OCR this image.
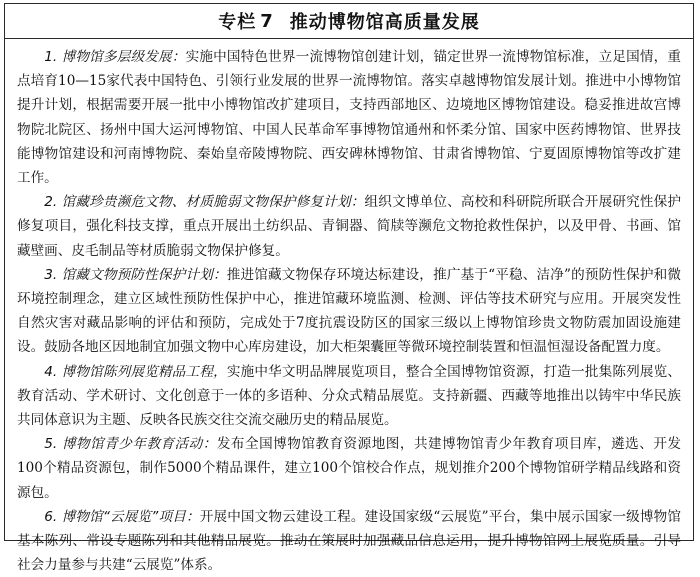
专栏 7 推动博物馆高质量发展

1. 博物馆多层级发展：实施中国特色世界一流博物馆创建计划，锚定世界一流博物馆标准，立足国情，重点培育10—15家代表中国特色、引领行业发展的世界一流博物馆。落实卓越博物馆发展计划。推进中小博物馆提升计划，根据需要开展一批中小博物馆改扩建项目，支持西部地区、边境地区博物馆建设。稳妥推进故宫博物院北院区、扬州中国大运河博物馆、中国人民革命军事博物馆通州和怀柔分馆、国家中医药博物馆、世界技能博物馆建设和河南博物院、秦始皇帝陵博物院、西安碑林博物馆、甘肃省博物馆、宁夏固原博物馆等改扩建工作。

2. 馆藏珍贵濒危文物、材质脆弱文物保护修复计划：组织文博单位、高校和科研院所联合开展研究性保护修复项目，强化科技支撑，重点开展出土纺织品、青铜器、简牍等濒危文物抢救性保护，以及甲骨、书画、馆藏壁画、皮毛制品等材质脆弱文物保护修复。

3. 馆藏文物预防性保护计划：推进馆藏文物保存环境达标建设，推广基于“平稳、洁净”的预防性保护和微环境控制理念，建立区域性预防性保护中心，推进馆藏环境监测、检测、评估等技术研究与应用。开展突发性自然灾害对藏品影响的评估和预防，完成处于7度抗震设防区的国家三级以上博物馆珍贵文物防震加固设施建设。鼓励各地区因地制宜加强文物中心库房建设，加大柜架囊匣等微环境控制装置和恒温恒湿设备配置力度。

4. 博物馆陈列展览精品工程，实施中华文明品牌展览项目，整合全国博物馆资源，打造一批集陈列展览、教育活动、学术研讨、文化创意于一体的多语种、分众式精品展览。支持新疆、西藏等地推出以铸牢中华民族共同体意识为主题、反映各民族交往交流交融历史的精品展览。

5. 博物馆青少年教育活动：发布全国博物馆教育资源地图，共建博物馆青少年教育项目库，遴选、开发100个精品资源包，制作5000个精品课件，建立100个馆校合作点，规划推介200个博物馆研学精品线路和资源包。

6. 博物馆“云展览”项目：开展中国文物云建设工程。建设国家级“云展览”平台，集中展示国家一级博物馆基本陈列、常设专题陈列和其他精品展览。推动在策展时加强藏品信息运用，提升博物馆网上展览质量。引导社会力量参与共建“云展览”体系。
